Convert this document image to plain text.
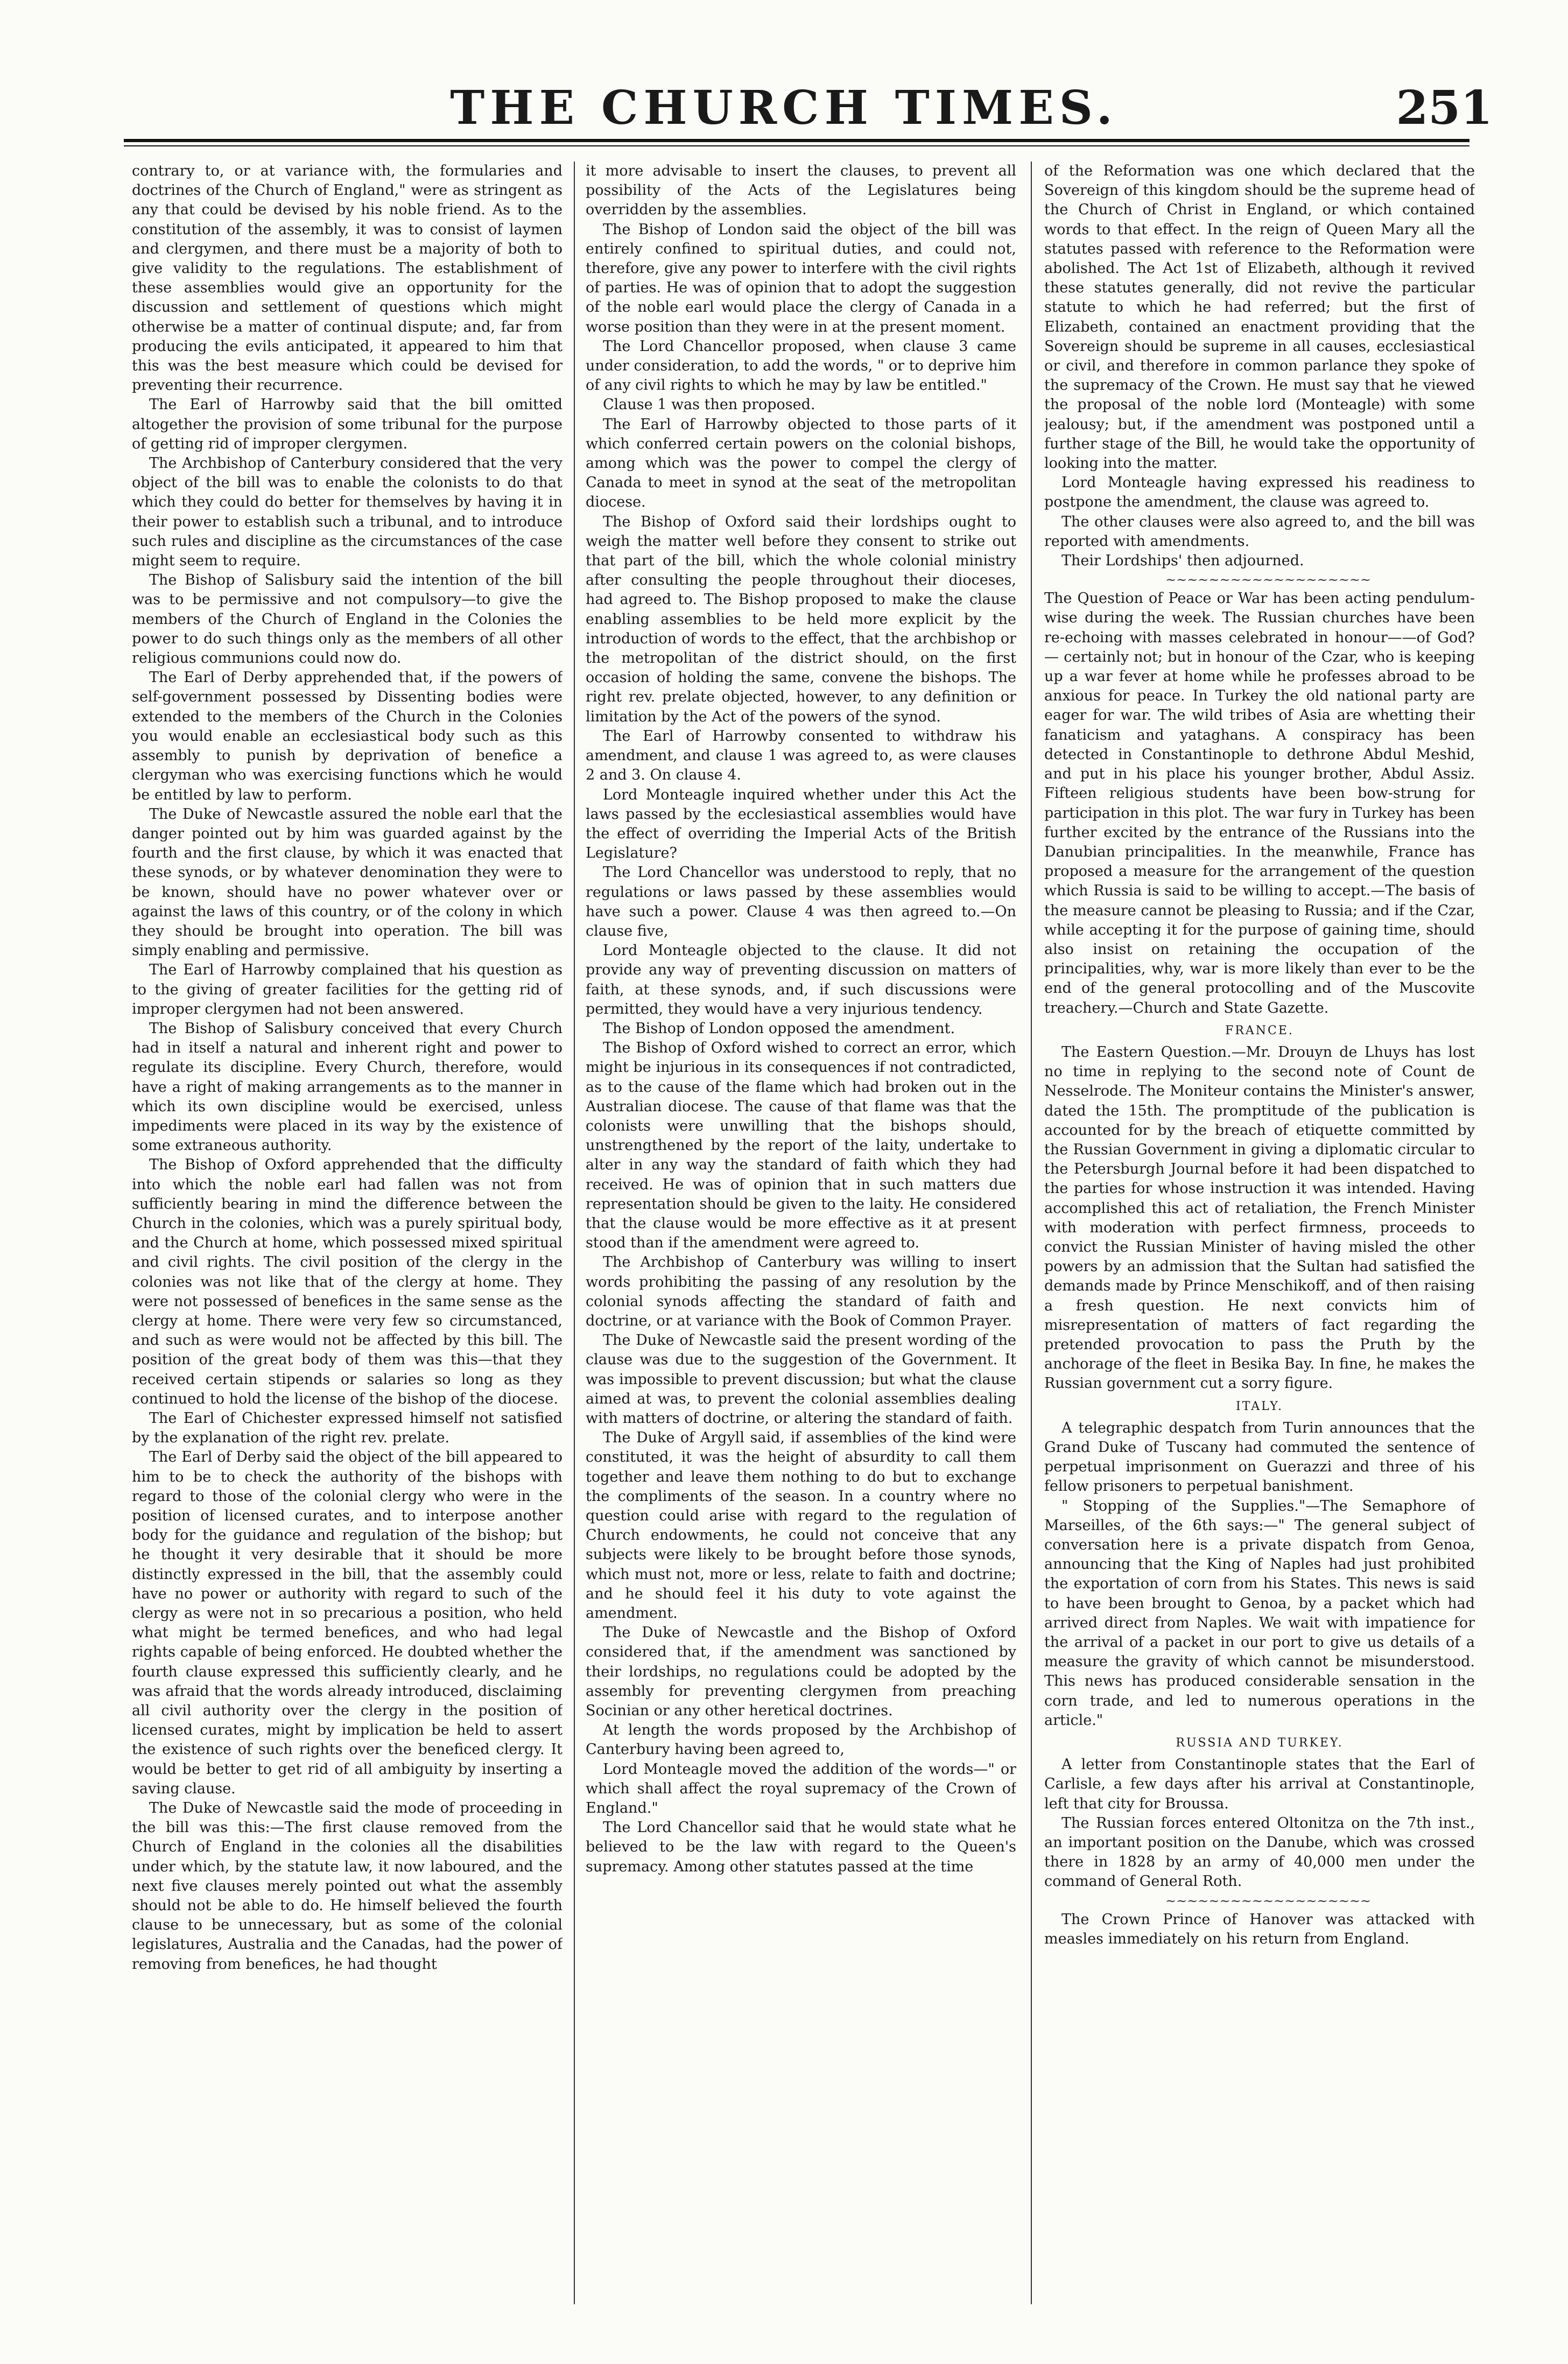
THE CHURCH TIMES.	251

contrary to, or at variance with, the formularies and doctrines of the Church of England," were as stringent as any that could be devised by his noble friend. As to the constitution of the assembly, it was to consist of laymen and clergymen, and there must be a majority of both to give validity to the regulations. The establishment of these assemblies would give an opportunity for the discussion and settlement of questions which might otherwise be a matter of continual dispute; and, far from producing the evils anticipated, it appeared to him that this was the best measure which could be devised for preventing their recurrence.

The Earl of Harrowby said that the bill omitted altogether the provision of some tribunal for the purpose of getting rid of improper clergymen.

The Archbishop of Canterbury considered that the very object of the bill was to enable the colonists to do that which they could do better for themselves by having it in their power to establish such a tribunal, and to introduce such rules and discipline as the circumstances of the case might seem to require.

The Bishop of Salisbury said the intention of the bill was to be permissive and not compulsory—to give the members of the Church of England in the Colonies the power to do such things only as the members of all other religious communions could now do.

The Earl of Derby apprehended that, if the powers of self-government possessed by Dissenting bodies were extended to the members of the Church in the Colonies you would enable an ecclesiastical body such as this assembly to punish by deprivation of benefice a clergyman who was exercising functions which he would be entitled by law to perform.

The Duke of Newcastle assured the noble earl that the danger pointed out by him was guarded against by the fourth and the first clause, by which it was enacted that these synods, or by whatever denomination they were to be known, should have no power whatever over or against the laws of this country, or of the colony in which they should be brought into operation. The bill was simply enabling and permissive.

The Earl of Harrowby complained that his question as to the giving of greater facilities for the getting rid of improper clergymen had not been answered.

The Bishop of Salisbury conceived that every Church had in itself a natural and inherent right and power to regulate its discipline. Every Church, therefore, would have a right of making arrangements as to the manner in which its own discipline would be exercised, unless impediments were placed in its way by the existence of some extraneous authority.

The Bishop of Oxford apprehended that the difficulty into which the noble earl had fallen was not from sufficiently bearing in mind the difference between the Church in the colonies, which was a purely spiritual body, and the Church at home, which possessed mixed spiritual and civil rights. The civil position of the clergy in the colonies was not like that of the clergy at home. They were not possessed of benefices in the same sense as the clergy at home. There were very few so circumstanced, and such as were would not be affected by this bill. The position of the great body of them was this—that they received certain stipends or salaries so long as they continued to hold the license of the bishop of the diocese.

The Earl of Chichester expressed himself not satisfied by the explanation of the right rev. prelate.

The Earl of Derby said the object of the bill appeared to him to be to check the authority of the bishops with regard to those of the colonial clergy who were in the position of licensed curates, and to interpose another body for the guidance and regulation of the bishop; but he thought it very desirable that it should be more distinctly expressed in the bill, that the assembly could have no power or authority with regard to such of the clergy as were not in so precarious a position, who held what might be termed benefices, and who had legal rights capable of being enforced. He doubted whether the fourth clause expressed this sufficiently clearly, and he was afraid that the words already introduced, disclaiming all civil authority over the clergy in the position of licensed curates, might by implication be held to assert the existence of such rights over the beneficed clergy. It would be better to get rid of all ambiguity by inserting a saving clause.

The Duke of Newcastle said the mode of proceeding in the bill was this:—The first clause removed from the Church of England in the colonies all the disabilities under which, by the statute law, it now laboured, and the next five clauses merely pointed out what the assembly should not be able to do. He himself believed the fourth clause to be unnecessary, but as some of the colonial legislatures, Australia and the Canadas, had the power of removing from benefices, he had thought

it more advisable to insert the clauses, to prevent all possibility of the Acts of the Legislatures being overridden by the assemblies.

The Bishop of London said the object of the bill was entirely confined to spiritual duties, and could not, therefore, give any power to interfere with the civil rights of parties. He was of opinion that to adopt the suggestion of the noble earl would place the clergy of Canada in a worse position than they were in at the present moment.

The Lord Chancellor proposed, when clause 3 came under consideration, to add the words, " or to deprive him of any civil rights to which he may by law be entitled."

Clause 1 was then proposed.

The Earl of Harrowby objected to those parts of it which conferred certain powers on the colonial bishops, among which was the power to compel the clergy of Canada to meet in synod at the seat of the metropolitan diocese.

The Bishop of Oxford said their lordships ought to weigh the matter well before they consent to strike out that part of the bill, which the whole colonial ministry after consulting the people throughout their dioceses, had agreed to. The Bishop proposed to make the clause enabling assemblies to be held more explicit by the introduction of words to the effect, that the archbishop or the metropolitan of the district should, on the first occasion of holding the same, convene the bishops. The right rev. prelate objected, however, to any definition or limitation by the Act of the powers of the synod.

The Earl of Harrowby consented to withdraw his amendment, and clause 1 was agreed to, as were clauses 2 and 3. On clause 4.

Lord Monteagle inquired whether under this Act the laws passed by the ecclesiastical assemblies would have the effect of overriding the Imperial Acts of the British Legislature?

The Lord Chancellor was understood to reply, that no regulations or laws passed by these assemblies would have such a power. Clause 4 was then agreed to.—On clause five,

Lord Monteagle objected to the clause. It did not provide any way of preventing discussion on matters of faith, at these synods, and, if such discussions were permitted, they would have a very injurious tendency.

The Bishop of London opposed the amendment.

The Bishop of Oxford wished to correct an error, which might be injurious in its consequences if not contradicted, as to the cause of the flame which had broken out in the Australian diocese. The cause of that flame was that the colonists were unwilling that the bishops should, unstrengthened by the report of the laity, undertake to alter in any way the standard of faith which they had received. He was of opinion that in such matters due representation should be given to the laity. He considered that the clause would be more effective as it at present stood than if the amendment were agreed to.

The Archbishop of Canterbury was willing to insert words prohibiting the passing of any resolution by the colonial synods affecting the standard of faith and doctrine, or at variance with the Book of Common Prayer.

The Duke of Newcastle said the present wording of the clause was due to the suggestion of the Government. It was impossible to prevent discussion; but what the clause aimed at was, to prevent the colonial assemblies dealing with matters of doctrine, or altering the standard of faith.

The Duke of Argyll said, if assemblies of the kind were constituted, it was the height of absurdity to call them together and leave them nothing to do but to exchange the compliments of the season. In a country where no question could arise with regard to the regulation of Church endowments, he could not conceive that any subjects were likely to be brought before those synods, which must not, more or less, relate to faith and doctrine; and he should feel it his duty to vote against the amendment.

The Duke of Newcastle and the Bishop of Oxford considered that, if the amendment was sanctioned by their lordships, no regulations could be adopted by the assembly for preventing clergymen from preaching Socinian or any other heretical doctrines.

At length the words proposed by the Archbishop of Canterbury having been agreed to,

Lord Monteagle moved the addition of the words—" or which shall affect the royal supremacy of the Crown of England."

The Lord Chancellor said that he would state what he believed to be the law with regard to the Queen's supremacy. Among other statutes passed at the time

of the Reformation was one which declared that the Sovereign of this kingdom should be the supreme head of the Church of Christ in England, or which contained words to that effect. In the reign of Queen Mary all the statutes passed with reference to the Reformation were abolished. The Act 1st of Elizabeth, although it revived these statutes generally, did not revive the particular statute to which he had referred; but the first of Elizabeth, contained an enactment providing that the Sovereign should be supreme in all causes, ecclesiastical or civil, and therefore in common parlance they spoke of the supremacy of the Crown. He must say that he viewed the proposal of the noble lord (Monteagle) with some jealousy; but, if the amendment was postponed until a further stage of the Bill, he would take the opportunity of looking into the matter.

Lord Monteagle having expressed his readiness to postpone the amendment, the clause was agreed to.

The other clauses were also agreed to, and the bill was reported with amendments.

Their Lordships' then adjourned.

~~~~~~~~~~~~~~~~~~~

The Question of Peace or War has been acting pendulum-wise during the week. The Russian churches have been re-echoing with masses celebrated in honour——of God? — certainly not; but in honour of the Czar, who is keeping up a war fever at home while he professes abroad to be anxious for peace. In Turkey the old national party are eager for war. The wild tribes of Asia are whetting their fanaticism and yataghans. A conspiracy has been detected in Constantinople to dethrone Abdul Meshid, and put in his place his younger brother, Abdul Assiz. Fifteen religious students have been bow-strung for participation in this plot. The war fury in Turkey has been further excited by the entrance of the Russians into the Danubian principalities. In the meanwhile, France has proposed a measure for the arrangement of the question which Russia is said to be willing to accept.—The basis of the measure cannot be pleasing to Russia; and if the Czar, while accepting it for the purpose of gaining time, should also insist on retaining the occupation of the principalities, why, war is more likely than ever to be the end of the general protocolling and of the Muscovite treachery.—Church and State Gazette.

FRANCE.

The Eastern Question.—Mr. Drouyn de Lhuys has lost no time in replying to the second note of Count de Nesselrode. The Moniteur contains the Minister's answer, dated the 15th. The promptitude of the publication is accounted for by the breach of etiquette committed by the Russian Government in giving a diplomatic circular to the Petersburgh Journal before it had been dispatched to the parties for whose instruction it was intended. Having accomplished this act of retaliation, the French Minister with moderation with perfect firmness, proceeds to convict the Russian Minister of having misled the other powers by an admission that the Sultan had satisfied the demands made by Prince Menschikoff, and of then raising a fresh question. He next convicts him of misrepresentation of matters of fact regarding the pretended provocation to pass the Pruth by the anchorage of the fleet in Besika Bay. In fine, he makes the Russian government cut a sorry figure.

ITALY.

A telegraphic despatch from Turin announces that the Grand Duke of Tuscany had commuted the sentence of perpetual imprisonment on Guerazzi and three of his fellow prisoners to perpetual banishment.

" Stopping of the Supplies."—The Semaphore of Marseilles, of the 6th says:—" The general subject of conversation here is a private dispatch from Genoa, announcing that the King of Naples had just prohibited the exportation of corn from his States. This news is said to have been brought to Genoa, by a packet which had arrived direct from Naples. We wait with impatience for the arrival of a packet in our port to give us details of a measure the gravity of which cannot be misunderstood. This news has produced considerable sensation in the corn trade, and led to numerous operations in the article."

RUSSIA AND TURKEY.

A letter from Constantinople states that the Earl of Carlisle, a few days after his arrival at Constantinople, left that city for Broussa.

The Russian forces entered Oltonitza on the 7th inst., an important position on the Danube, which was crossed there in 1828 by an army of 40,000 men under the command of General Roth.

~~~~~~~~~~~~~~~~~~~

The Crown Prince of Hanover was attacked with measles immediately on his return from England.
